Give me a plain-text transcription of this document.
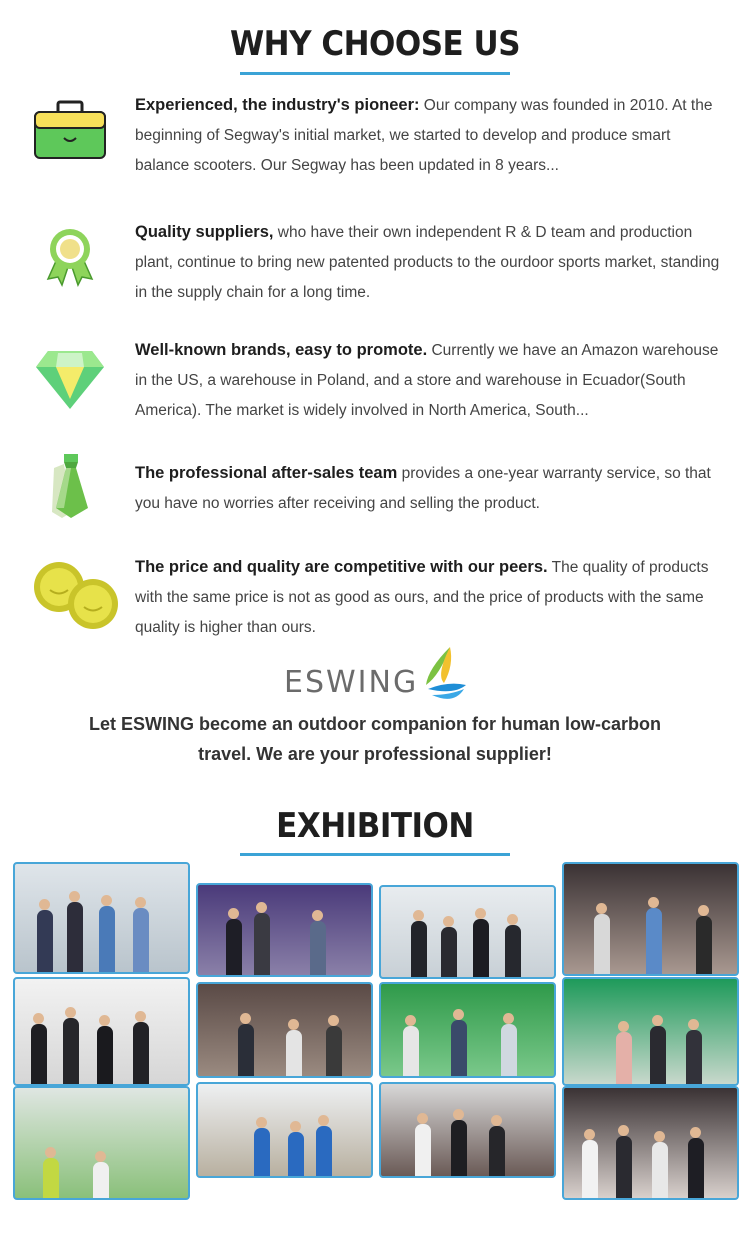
WHY CHOOSE US
Experienced, the industry's pioneer: Our company was founded in 2010. At the beginning of Segway's initial market, we started to develop and produce smart balance scooters. Our Segway has been updated in 8 years...
Quality suppliers, who have their own independent R & D team and production plant, continue to bring new patented products to the ourdoor sports market, standing in the supply chain for a long time.
Well-known brands, easy to promote. Currently we have an Amazon warehouse in the US, a warehouse in Poland, and a store and warehouse in Ecuador(South America). The market is widely involved in North America, South...
The professional after-sales team provides a one-year warranty service, so that you have no worries after receiving and selling the product.
The price and quality are competitive with our peers. The quality of products with the same price is not as good as ours, and the price of products with the same quality is higher than ours.
ESWING
Let ESWING become an outdoor companion for human low-carbon
travel. We are your professional supplier!
EXHIBITION
